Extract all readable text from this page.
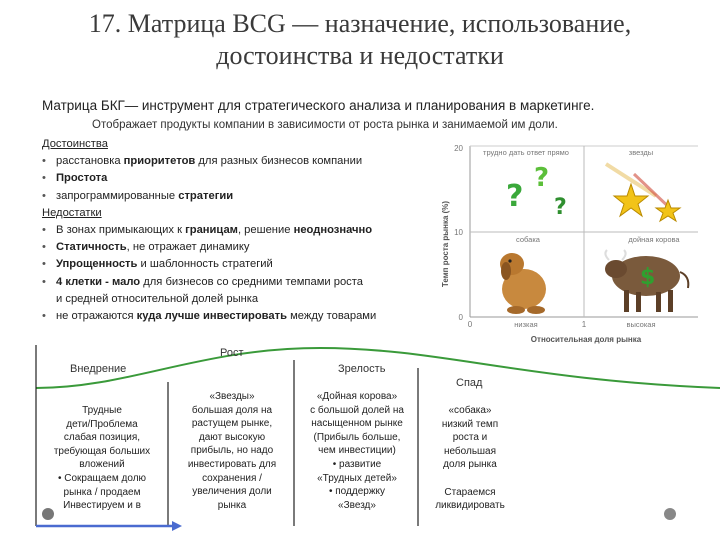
17. Матрица BCG — назначение, использование,
достоинства и недостатки
Матрица БКГ— инструмент для стратегического анализа и планирования в маркетинге.
Отображает продукты компании в зависимости от роста рынка и занимаемой им доли.
Достоинства
• расстановка приоритетов для разных бизнесов компании
• Простота
• запрограммированные стратегии
Недостатки
• В зонах примыкающих к границам, решение неоднозначно
• Статичность, не отражает динамику
• Упрощенность и шаблонность стратегий
• 4 клетки - мало для бизнесов со средними темпами роста
и средней относительной долей рынка
• не отражаются куда лучше инвестировать между товарами
Темп роста рынка (%)
20
10
0
0	1
низкая	высокая
Относительная доля рынка
трудно дать ответ прямо	звезды
собака	дойная корова
?
?
?
$
Внедрение
Рост
Зрелость
Спад
Трудные
дети/Проблема
слабая позиция,
требующая больших
вложений
• Сокращаем долю
рынка / продаем
Инвестируем и в
«Звезды»
большая доля на
растущем рынке,
дают высокую
прибыль, но надо
инвестировать для
сохранения /
увеличения доли
рынка
«Дойная корова»
с большой долей на
насыщенном рынке
(Прибыль больше,
чем инвестиции)
• развитие
«Трудных детей»
• поддержку
«Звезд»
«собака»
низкий темп
роста и
небольшая
доля рынка
Стараемся
ликвидировать
